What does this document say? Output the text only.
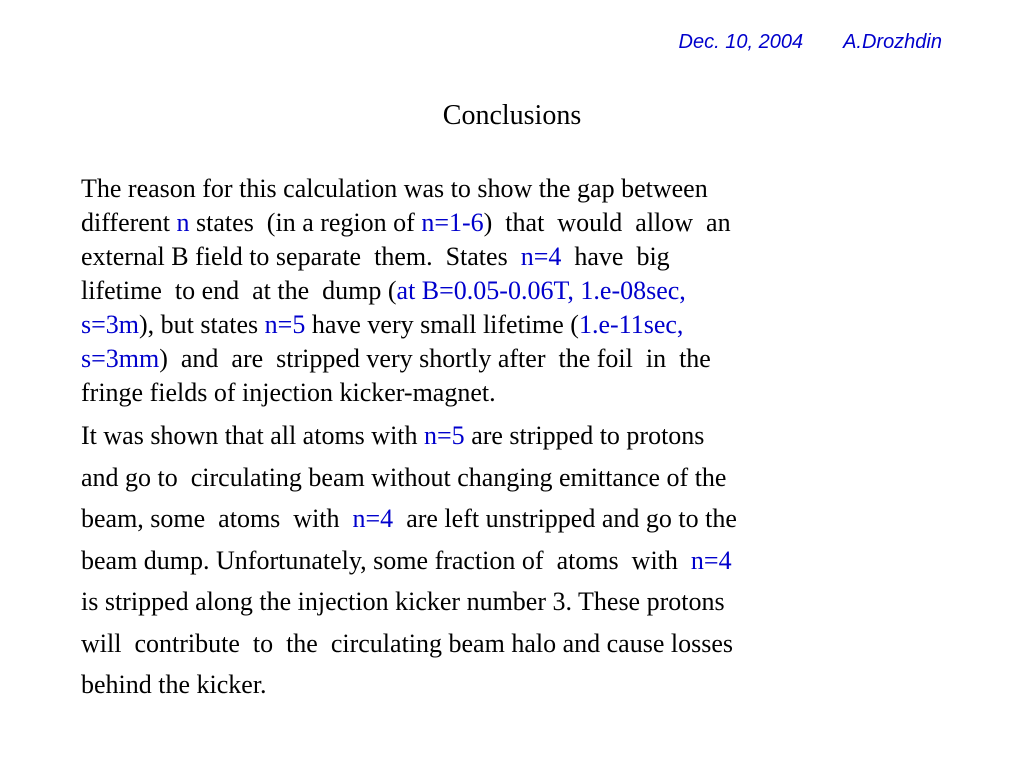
Dec. 10, 2004 A.Drozhdin
Conclusions

The reason for this calculation was to show the gap between
different n states  (in a region of n=1-6)  that  would  allow  an
external B field to separate  them.  States  n=4  have  big
lifetime  to end  at the  dump (at B=0.05-0.06T, 1.e-08sec,
s=3m), but states n=5 have very small lifetime (1.e-11sec,
s=3mm)  and  are  stripped very shortly after  the foil  in  the
fringe fields of injection kicker-magnet.

It was shown that all atoms with n=5 are stripped to protons
and go to  circulating beam without changing emittance of the
beam, some  atoms  with  n=4  are left unstripped and go to the
beam dump. Unfortunately, some fraction of  atoms  with  n=4
is stripped along the injection kicker number 3. These protons
will  contribute  to  the  circulating beam halo and cause losses
behind the kicker.
